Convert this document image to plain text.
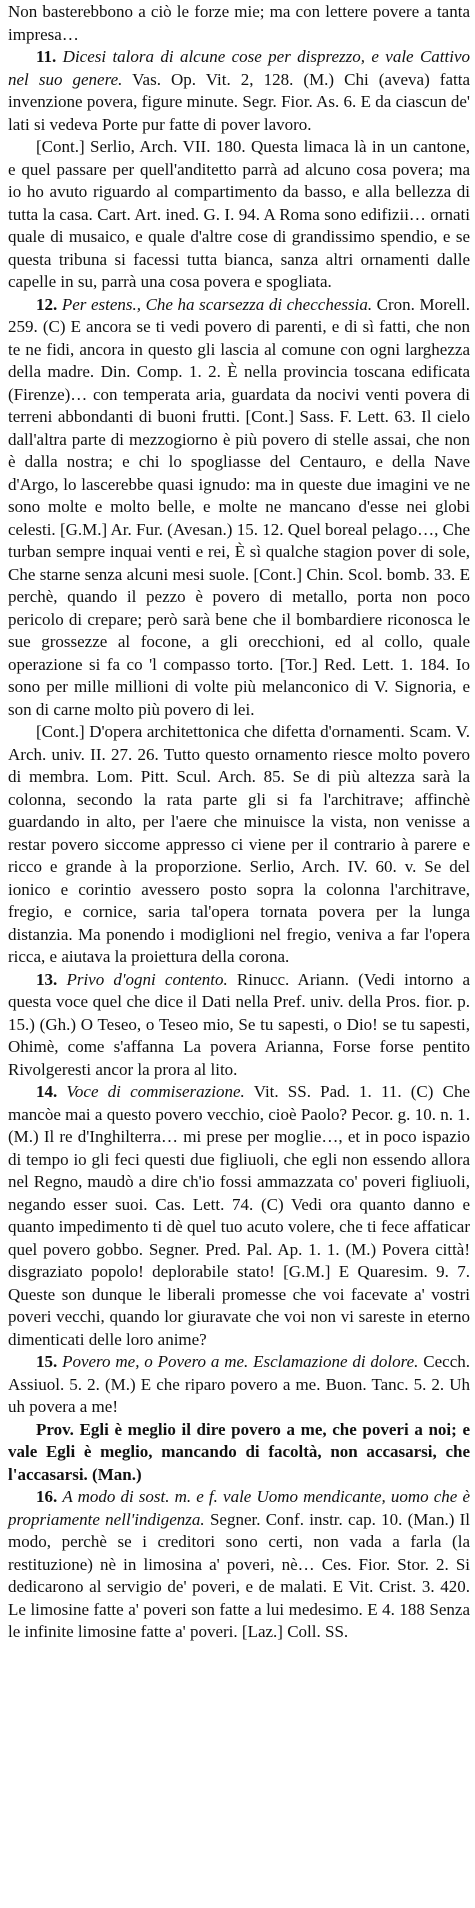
Non basterebbono a ciò le forze mie; ma con lettere povere a tanta impresa…

11. Dicesi talora di alcune cose per disprezzo, e vale Cattivo nel suo genere. Vas. Op. Vit. 2, 128. (M.) Chi (aveva) fatta invenzione povera, figure minute. Segr. Fior. As. 6. E da ciascun de' lati si vedeva Porte pur fatte di pover lavoro.

[Cont.] Serlio, Arch. VII. 180. Questa limaca là in un cantone, e quel passare per quell'anditetto parrà ad alcuno cosa povera; ma io ho avuto riguardo al compartimento da basso, e alla bellezza di tutta la casa. Cart. Art. ined. G. I. 94. A Roma sono edifizii… ornati quale di musaico, e quale d'altre cose di grandissimo spendio, e se questa tribuna si facessi tutta bianca, sanza altri ornamenti dalle capelle in su, parrà una cosa povera e spogliata.

12. Per estens., Che ha scarsezza di checchessia. Cron. Morell. 259. (C) E ancora se ti vedi povero di parenti, e di sì fatti, che non te ne fidi, ancora in questo gli lascia al comune con ogni larghezza della madre. Din. Comp. 1. 2. È nella provincia toscana edificata (Firenze)… con temperata aria, guardata da nocivi venti povera di terreni abbondanti di buoni frutti. [Cont.] Sass. F. Lett. 63. Il cielo dall'altra parte di mezzogiorno è più povero di stelle assai, che non è dalla nostra; e chi lo spogliasse del Centauro, e della Nave d'Argo, lo lascerebbe quasi ignudo: ma in queste due imagini ve ne sono molte e molto belle, e molte ne mancano d'esse nei globi celesti. [G.M.] Ar. Fur. (Avesan.) 15. 12. Quel boreal pelago…, Che turban sempre inquai venti e rei, È sì qualche stagion pover di sole, Che starne senza alcuni mesi suole. [Cont.] Chin. Scol. bomb. 33. E perchè, quando il pezzo è povero di metallo, porta non poco pericolo di crepare; però sarà bene che il bombardiere riconosca le sue grossezze al focone, a gli orecchioni, ed al collo, quale operazione si fa co 'l compasso torto. [Tor.] Red. Lett. 1. 184. Io sono per mille millioni di volte più melanconico di V. Signoria, e son di carne molto più povero di lei.

[Cont.] D'opera architettonica che difetta d'ornamenti. Scam. V. Arch. univ. II. 27. 26. Tutto questo ornamento riesce molto povero di membra. Lom. Pitt. Scul. Arch. 85. Se di più altezza sarà la colonna, secondo la rata parte gli si fa l'architrave; affinchè guardando in alto, per l'aere che minuisce la vista, non venisse a restar povero siccome appresso ci viene per il contrario à parere e ricco e grande à la proporzione. Serlio, Arch. IV. 60. v. Se del ionico e corintio avessero posto sopra la colonna l'architrave, fregio, e cornice, saria tal'opera tornata povera per la lunga distanzia. Ma ponendo i modiglioni nel fregio, veniva a far l'opera ricca, e aiutava la proiettura della corona.

13. Privo d'ogni contento. Rinucc. Ariann. (Vedi intorno a questa voce quel che dice il Dati nella Pref. univ. della Pros. fior. p. 15.) (Gh.) O Teseo, o Teseo mio, Se tu sapesti, o Dio! se tu sapesti, Ohimè, come s'affanna La povera Arianna, Forse forse pentito Rivolgeresti ancor la prora al lito.

14. Voce di commiserazione. Vit. SS. Pad. 1. 11. (C) Che mancòe mai a questo povero vecchio, cioè Paolo? Pecor. g. 10. n. 1. (M.) Il re d'Inghilterra… mi prese per moglie…, et in poco ispazio di tempo io gli feci questi due figliuoli, che egli non essendo allora nel Regno, maudò a dire ch'io fossi ammazzata co' poveri figliuoli, negando esser suoi. Cas. Lett. 74. (C) Vedi ora quanto danno e quanto impedimento ti dè quel tuo acuto volere, che ti fece affaticar quel povero gobbo. Segner. Pred. Pal. Ap. 1. 1. (M.) Povera città! disgraziato popolo! deplorabile stato! [G.M.] E Quaresim. 9. 7. Queste son dunque le liberali promesse che voi facevate a' vostri poveri vecchi, quando lor giuravate che voi non vi sareste in eterno dimenticati delle loro anime?

15. Povero me, o Povero a me. Esclamazione di dolore. Cecch. Assiuol. 5. 2. (M.) E che riparo povero a me. Buon. Tanc. 5. 2. Uh uh povera a me!

Prov. Egli è meglio il dire povero a me, che poveri a noi; e vale Egli è meglio, mancando di facoltà, non accasarsi, che l'accasarsi. (Man.)

16. A modo di sost. m. e f. vale Uomo mendicante, uomo che è propriamente nell'indigenza. Segner. Conf. instr. cap. 10. (Man.) Il modo, perchè se i creditori sono certi, non vada a farla (la restituzione) nè in limosina a' poveri, nè… Ces. Fior. Stor. 2. Si dedicarono al servigio de' poveri, e de malati. E Vit. Crist. 3. 420. Le limosine fatte a' poveri son fatte a lui medesimo. E 4. 188 Senza le infinite limosine fatte a' poveri. [Laz.] Coll. SS.
